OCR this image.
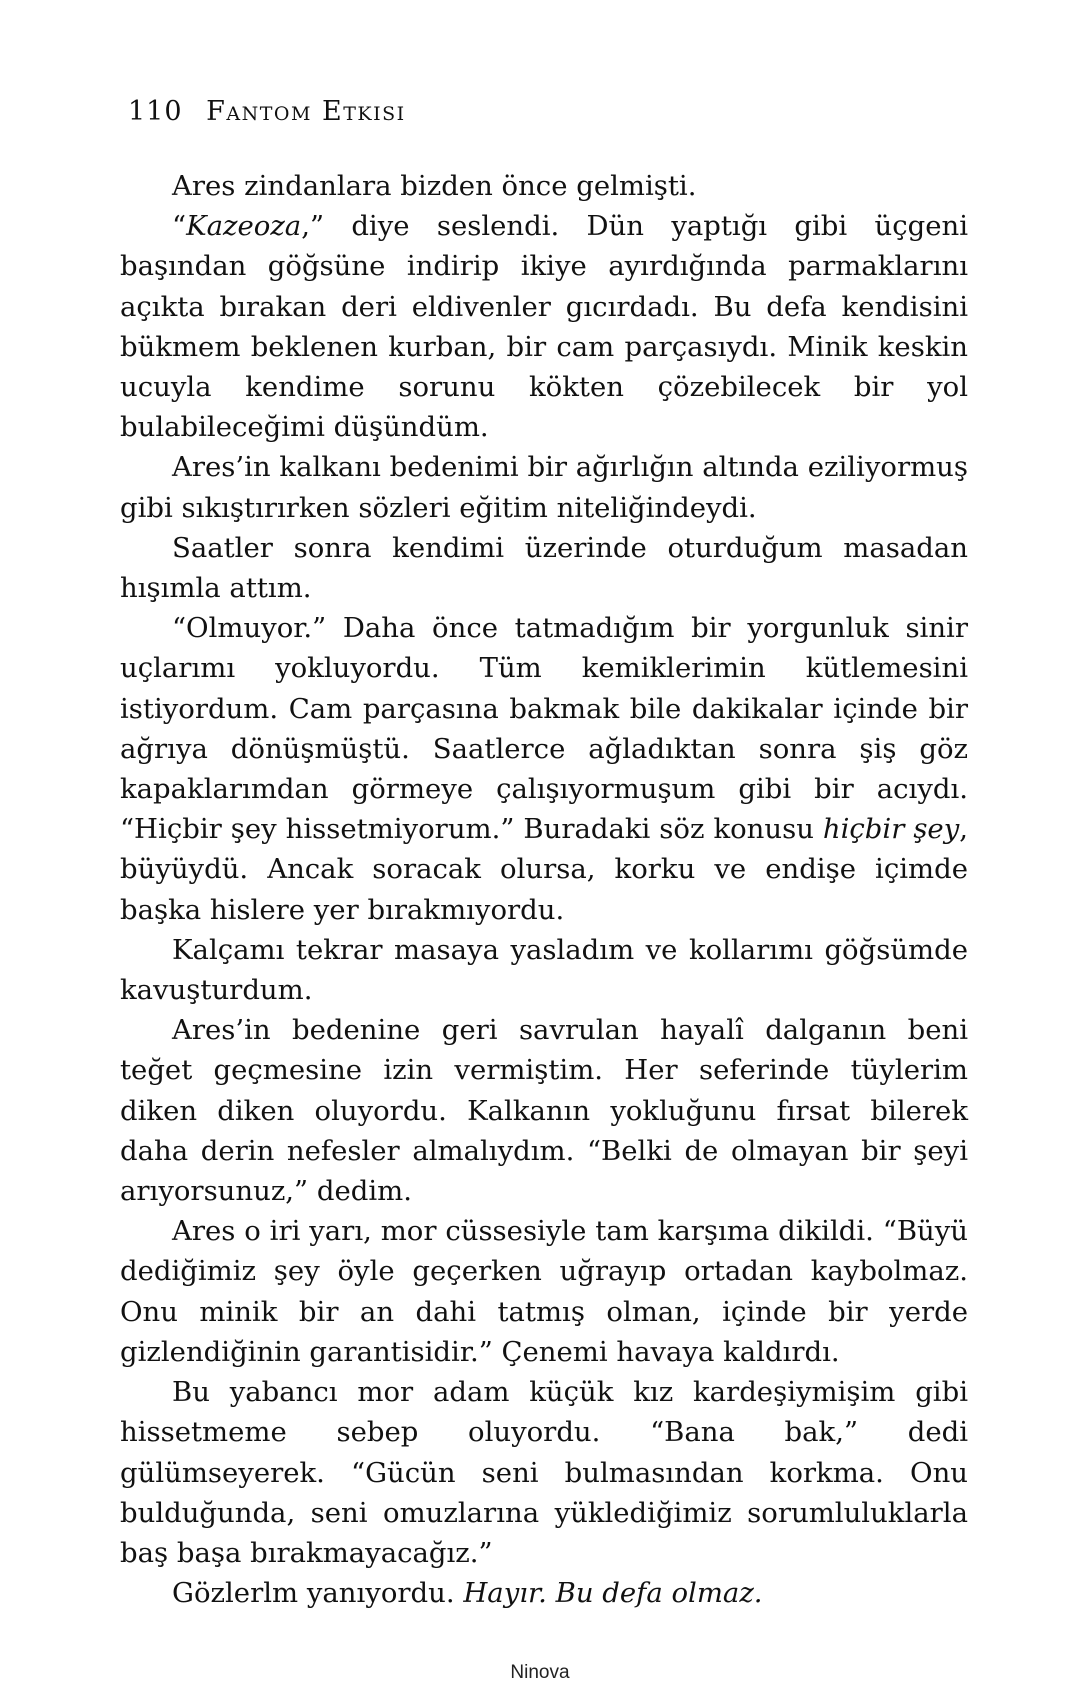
110 Fantom Etkisi

Ares zindanlara bizden önce gelmişti.

“Kazeoza,” diye seslendi. Dün yaptığı gibi üçgeni başından göğsüne indirip ikiye ayırdığında parmaklarını açıkta bırakan deri eldivenler gıcırdadı. Bu defa kendisini bükmem beklenen kurban, bir cam parçasıydı. Minik keskin ucuyla kendime sorunu kökten çözebilecek bir yol bulabileceğimi düşündüm.

Ares’in kalkanı bedenimi bir ağırlığın altında eziliyormuş gibi sıkıştırırken sözleri eğitim niteliğindeydi.

Saatler sonra kendimi üzerinde oturduğum masadan hışımla attım.

“Olmuyor.” Daha önce tatmadığım bir yorgunluk sinir uçlarımı yokluyordu. Tüm kemiklerimin kütlemesini istiyordum. Cam parçasına bakmak bile dakikalar içinde bir ağrıya dönüşmüştü. Saatlerce ağladıktan sonra şiş göz kapaklarımdan görmeye çalışıyormuşum gibi bir acıydı. “Hiçbir şey hissetmiyorum.” Buradaki söz konusu hiçbir şey, büyüydü. Ancak soracak olursa, korku ve endişe içimde başka hislere yer bırakmıyordu.

Kalçamı tekrar masaya yasladım ve kollarımı göğsümde kavuşturdum.

Ares’in bedenine geri savrulan hayalî dalganın beni teğet geçmesine izin vermiştim. Her seferinde tüylerim diken diken oluyordu. Kalkanın yokluğunu fırsat bilerek daha derin nefesler almalıydım. “Belki de olmayan bir şeyi arıyorsunuz,” dedim.

Ares o iri yarı, mor cüssesiyle tam karşıma dikildi. “Büyü dediğimiz şey öyle geçerken uğrayıp ortadan kaybolmaz. Onu minik bir an dahi tatmış olman, içinde bir yerde gizlendiğinin garantisidir.” Çenemi havaya kaldırdı.

Bu yabancı mor adam küçük kız kardeşiymişim gibi hissetmeme sebep oluyordu. “Bana bak,” dedi gülümseyerek. “Gücün seni bulmasından korkma. Onu bulduğunda, seni omuzlarına yüklediğimiz sorumluluklarla baş başa bırakmayacağız.”

Gözlerlm yanıyordu. Hayır. Bu defa olmaz.

Ninova
